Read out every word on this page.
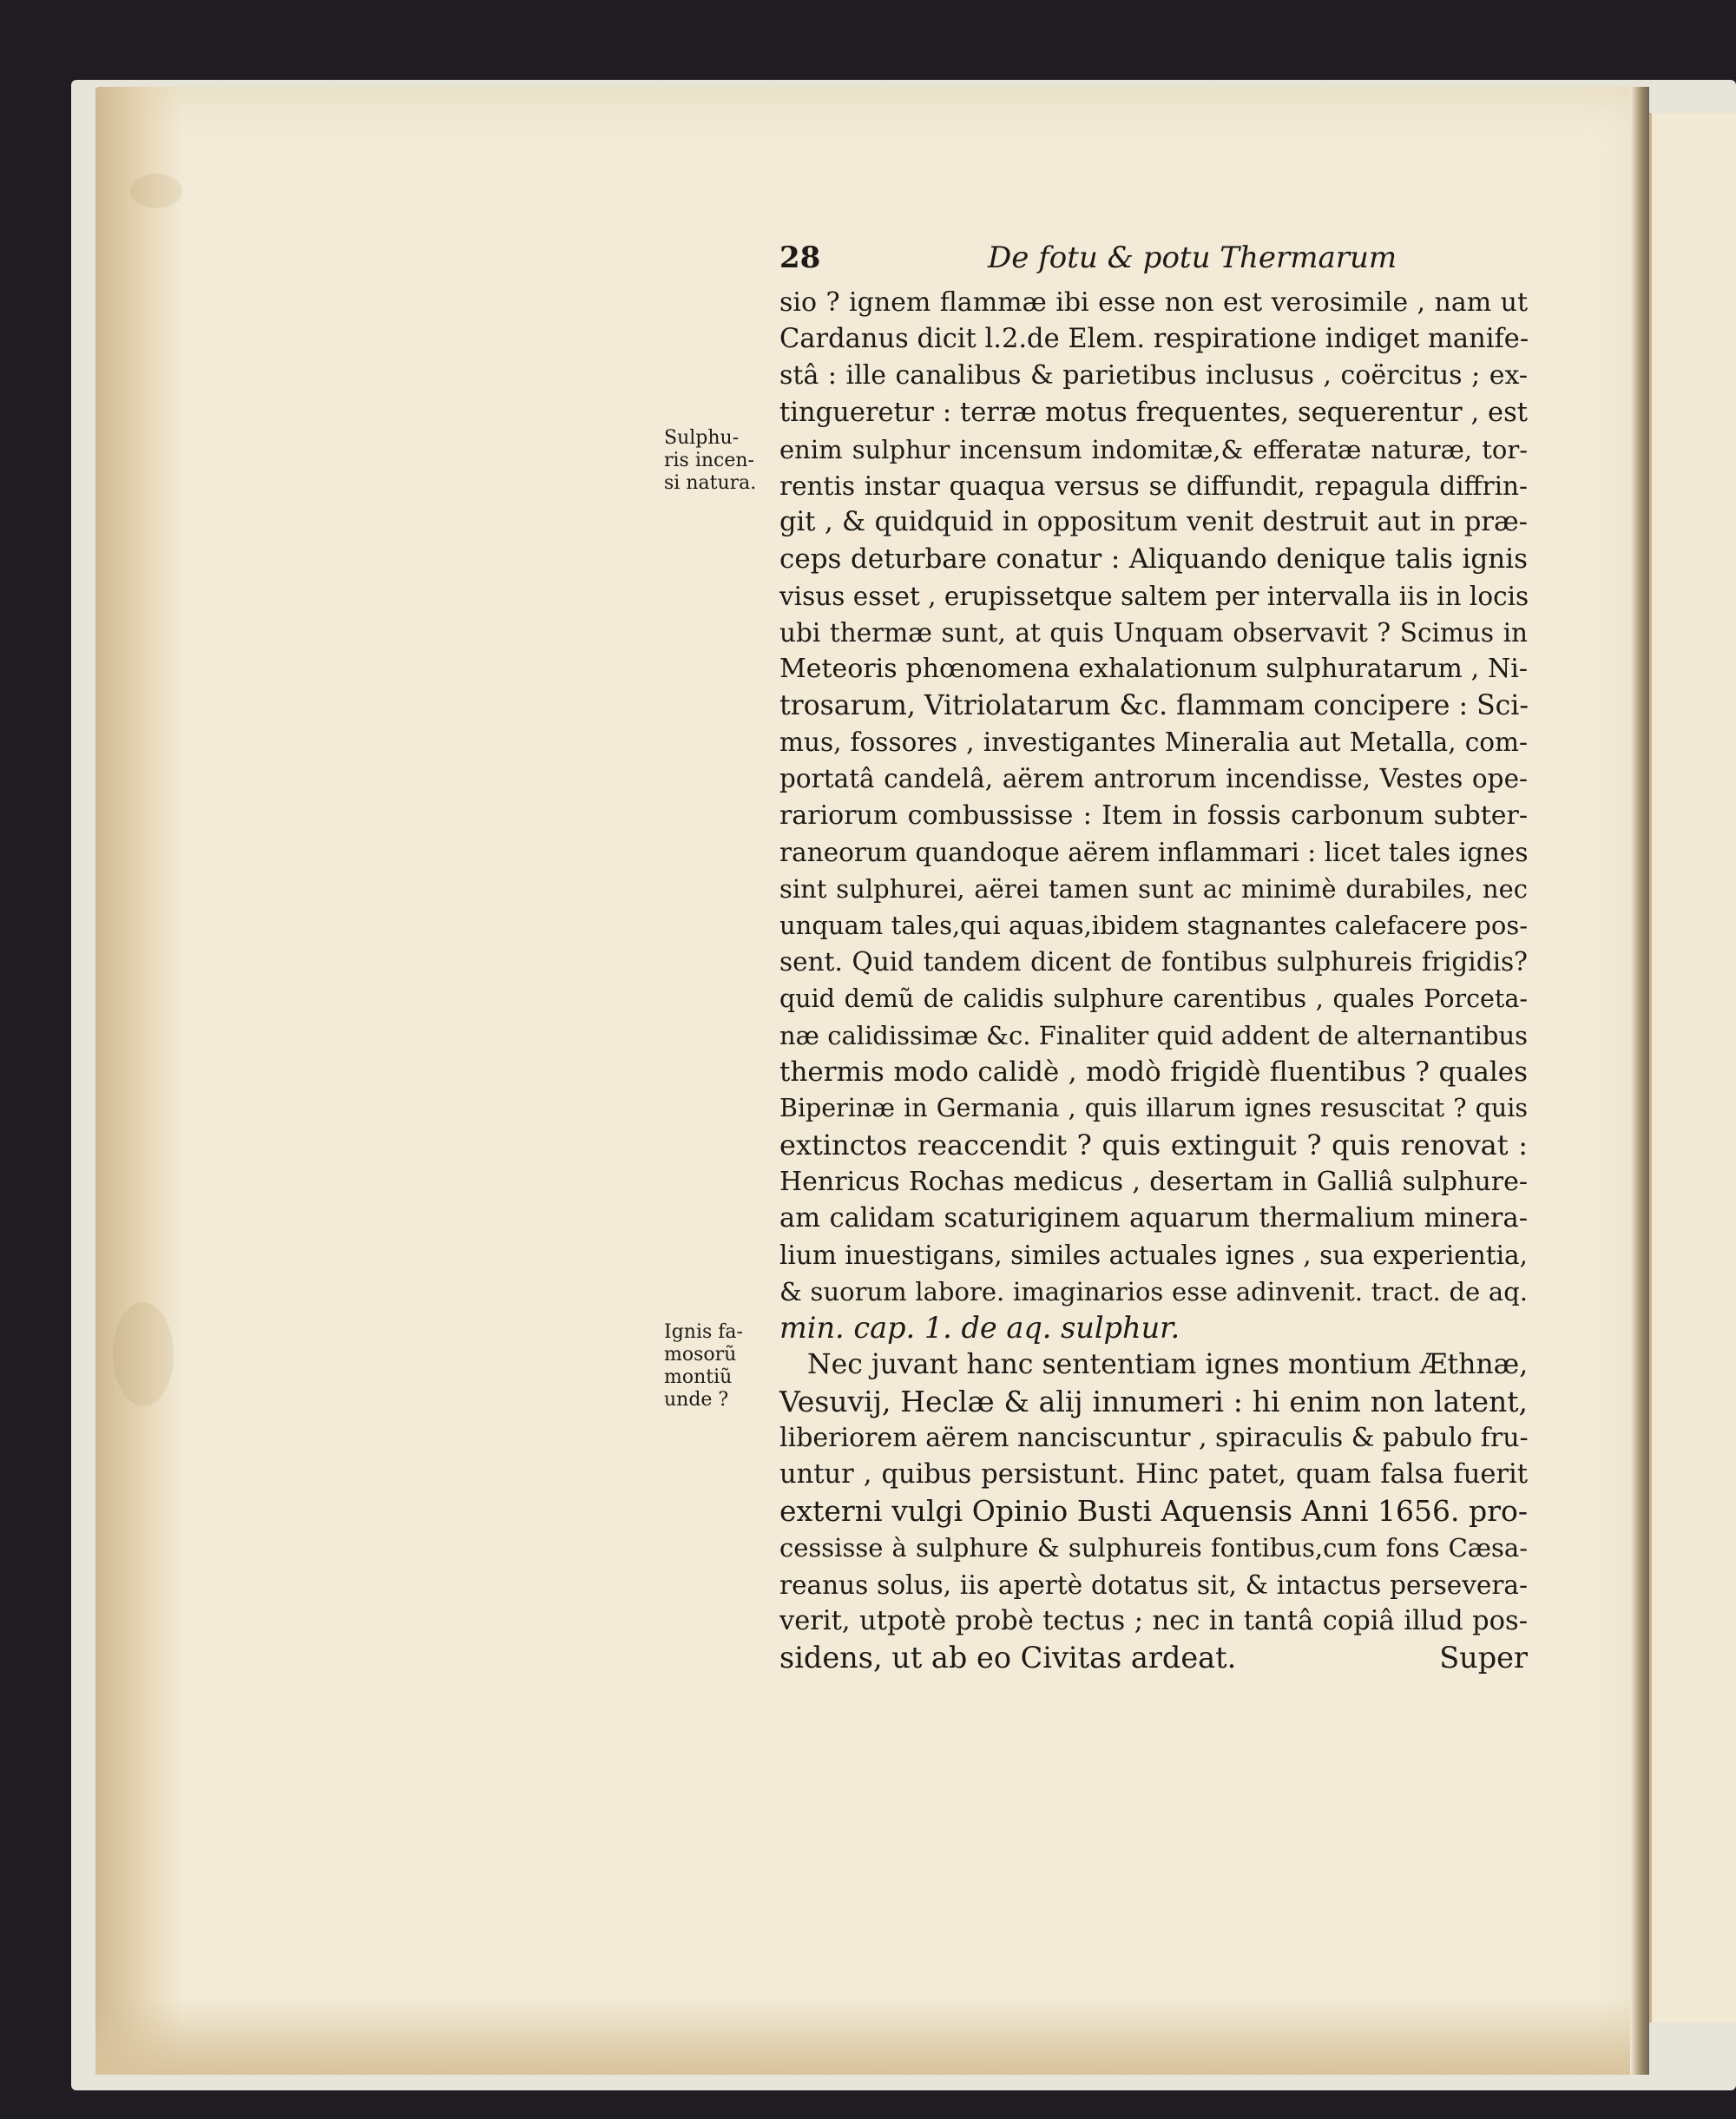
28	De fotu & potu Thermarum
Sulphu-
ris incen-
si natura.
Ignis fa-
mosorũ
montiũ
unde ?
sio ? ignem flammæ ibi esse non est verosimile , nam ut
Cardanus dicit l.2.de Elem. respiratione indiget manife-
stâ : ille canalibus & parietibus inclusus , coërcitus ; ex-
tingueretur : terræ motus frequentes, sequerentur , est
enim sulphur incensum indomitæ,& efferatæ naturæ, tor-
rentis instar quaqua versus se diffundit, repagula diffrin-
git , & quidquid in oppositum venit destruit aut in præ-
ceps deturbare conatur : Aliquando denique talis ignis
visus esset , erupissetque saltem per intervalla iis in locis
ubi thermæ sunt, at quis Unquam observavit ? Scimus in
Meteoris phœnomena exhalationum sulphuratarum , Ni-
trosarum, Vitriolatarum &c. flammam concipere : Sci-
mus, fossores , investigantes Mineralia aut Metalla, com-
portatâ candelâ, aërem antrorum incendisse, Vestes ope-
rariorum combussisse : Item in fossis carbonum subter-
raneorum quandoque aërem inflammari : licet tales ignes
sint sulphurei, aërei tamen sunt ac minimè durabiles, nec
unquam tales,qui aquas,ibidem stagnantes calefacere pos-
sent. Quid tandem dicent de fontibus sulphureis frigidis?
quid demũ de calidis sulphure carentibus , quales Porceta-
næ calidissimæ &c. Finaliter quid addent de alternantibus
thermis modo calidè , modò frigidè fluentibus ? quales
Biperinæ in Germania , quis illarum ignes resuscitat ? quis
extinctos reaccendit ? quis extinguit ? quis renovat :
Henricus Rochas medicus , desertam in Galliâ sulphure-
am calidam scaturiginem aquarum thermalium minera-
lium inuestigans, similes actuales ignes , sua experientia,
& suorum labore. imaginarios esse adinvenit. tract. de aq.
min. cap. 1. de aq. sulphur.
Nec juvant hanc sententiam ignes montium Æthnæ,
Vesuvij, Heclæ & alij innumeri : hi enim non latent,
liberiorem aërem nanciscuntur , spiraculis & pabulo fru-
untur , quibus persistunt. Hinc patet, quam falsa fuerit
externi vulgi Opinio Busti Aquensis Anni 1656. pro-
cessisse à sulphure & sulphureis fontibus,cum fons Cæsa-
reanus solus, iis apertè dotatus sit, & intactus persevera-
verit, utpotè probè tectus ; nec in tantâ copiâ illud pos-
sidens, ut ab eo Civitas ardeat.	Super
